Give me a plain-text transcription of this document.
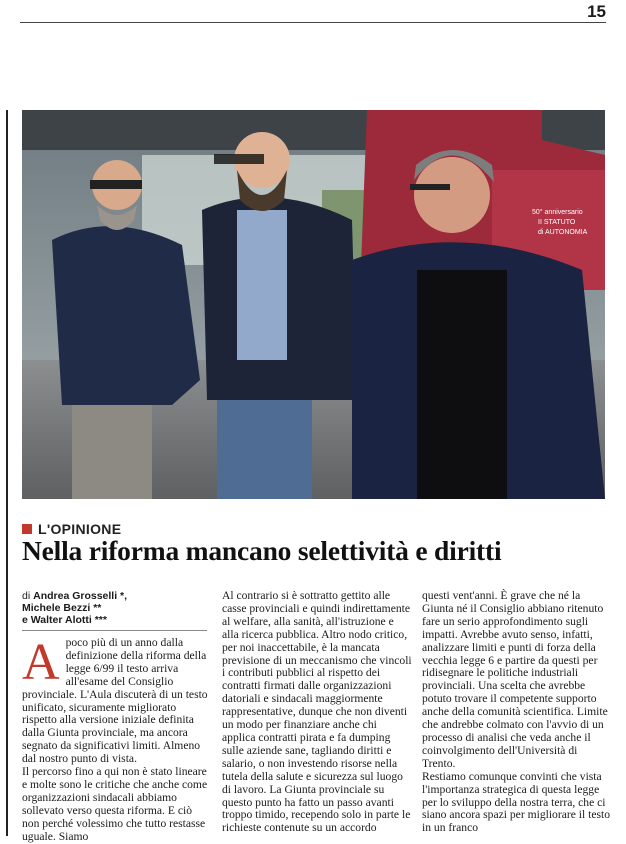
15
50° anniversario
II STATUTO
di AUTONOMIA
L'OPINIONE
Nella riforma mancano selettività e diritti
di Andrea Grosselli *,
Michele Bezzi **
e Walter Alotti ***
A poco più di un anno dalla definizione della riforma della legge 6/99 il testo arriva all'esame del Consiglio provinciale. L'Aula discuterà di un testo unificato, sicuramente migliorato rispetto alla versione iniziale definita dalla Giunta provinciale, ma ancora segnato da significativi limiti. Almeno dal nostro punto di vista.

Il percorso fino a qui non è stato lineare e molte sono le critiche che anche come organizzazioni sindacali abbiamo sollevato verso questa riforma. E ciò non perché volessimo che tutto restasse uguale. Siamo

Al contrario si è sottratto gettito alle casse provinciali e quindi indirettamente al welfare, alla sanità, all'istruzione e alla ricerca pubblica. Altro nodo critico, per noi inaccettabile, è la mancata previsione di un meccanismo che vincoli i contributi pubblici al rispetto dei contratti firmati dalle organizzazioni datoriali e sindacali maggiormente rappresentative, dunque che non diventi un modo per finanziare anche chi applica contratti pirata e fa dumping sulle aziende sane, tagliando diritti e salario, o non investendo risorse nella tutela della salute e sicurezza sul luogo di lavoro. La Giunta provinciale su questo punto ha fatto un passo avanti troppo timido, recependo solo in parte le richieste contenute su un accordo

questi vent'anni. È grave che né la Giunta né il Consiglio abbiano ritenuto fare un serio approfondimento sugli impatti. Avrebbe avuto senso, infatti, analizzare limiti e punti di forza della vecchia legge 6 e partire da questi per ridisegnare le politiche industriali provinciali. Una scelta che avrebbe potuto trovare il competente supporto anche della comunità scientifica. Limite che andrebbe colmato con l'avvio di un processo di analisi che veda anche il coinvolgimento dell'Università di Trento.

Restiamo comunque convinti che vista l'importanza strategica di questa legge per lo sviluppo della nostra terra, che ci siano ancora spazi per migliorare il testo in un franco
